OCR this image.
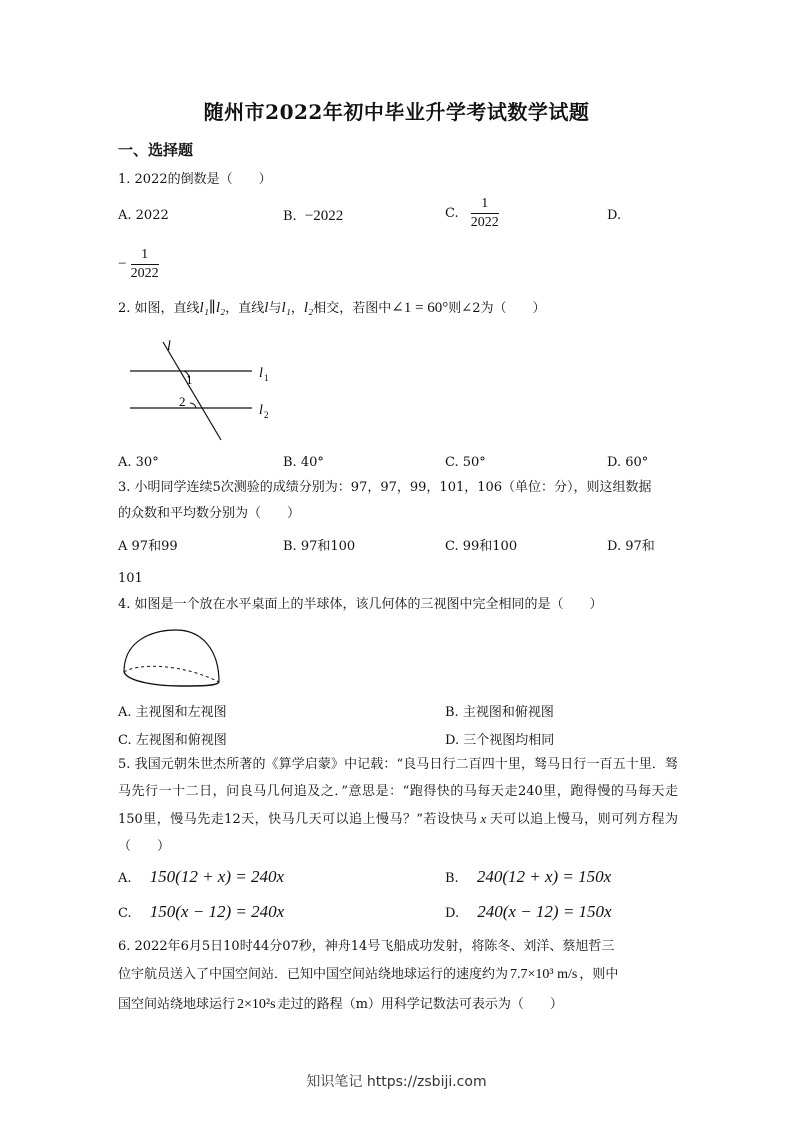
随州市2022年初中毕业升学考试数学试题
一、选择题
1. 2022的倒数是（　　）
A. 2022	B. −2022	C. $\frac{1}{2022}$	D.
− $\frac{1}{2022}$
2. 如图，直线l₁∥l₂，直线l与l₁，l₂相交，若图中∠1 = 60°则∠2为（　　）
l
1
2
l 1
l 2
A. 30°	B. 40°	C. 50°	D. 60°
3. 小明同学连续5次测验的成绩分别为：97，97，99，101，106（单位：分），则这组数据
的众数和平均数分别为（　　）
A 97和99	B. 97和100	C. 99和100	D. 97和
101
4. 如图是一个放在水平桌面上的半球体，该几何体的三视图中完全相同的是（　　）
A. 主视图和左视图	B. 主视图和俯视图
C. 左视图和俯视图	D. 三个视图均相同
5. 我国元朝朱世杰所著的《算学启蒙》中记载：“良马日行二百四十里，驽马日行一百五十里．驽马先行一十二日，问良马几何追及之．”意思是：“跑得快的马每天走240里，跑得慢的马每天走150里，慢马先走12天，快马几天可以追上慢马？”若设快马 x 天可以追上慢马，则可列方程为（　　）
A. 150(12 + x) = 240x	B. 240(12 + x) = 150x
C. 150(x − 12) = 240x	D. 240(x − 12) = 150x
6. 2022年6月5日10时44分07秒，神舟14号飞船成功发射，将陈冬、刘洋、蔡旭哲三
位宇航员送入了中国空间站．已知中国空间站绕地球运行的速度约为 7.7×10³ m/s ，则中
国空间站绕地球运行 2×10²s 走过的路程（m）用科学记数法可表示为（　　）
知识笔记 https://zsbiji.com
